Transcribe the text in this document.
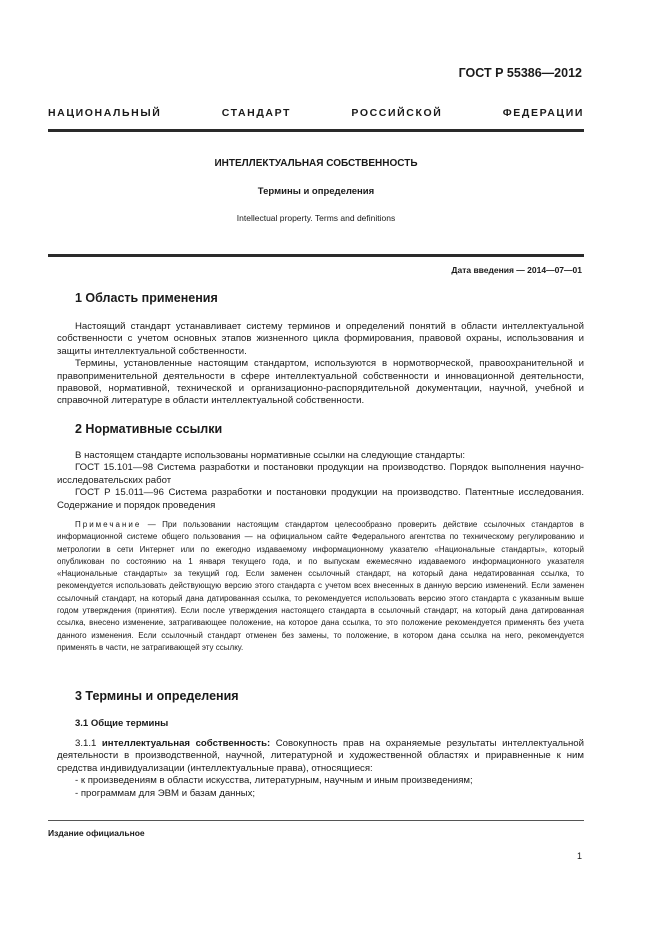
ГОСТ Р 55386—2012
НАЦИОНАЛЬНЫЙ СТАНДАРТ РОССИЙСКОЙ ФЕДЕРАЦИИ
ИНТЕЛЛЕКТУАЛЬНАЯ СОБСТВЕННОСТЬ
Термины и определения
Intellectual property. Terms and definitions
Дата введения — 2014—07—01
1 Область применения

Настоящий стандарт устанавливает систему терминов и определений понятий в области интеллектуальной собственности с учетом основных этапов жизненного цикла формирования, правовой охраны, использования и защиты интеллектуальной собственности.

Термины, установленные настоящим стандартом, используются в нормотворческой, правоохранительной и правоприменительной деятельности в сфере интеллектуальной собственности и инновационной деятельности, правовой, нормативной, технической и организационно-распорядительной документации, научной, учебной и справочной литературе в области интеллектуальной собственности.

2 Нормативные ссылки

В настоящем стандарте использованы нормативные ссылки на следующие стандарты:

ГОСТ 15.101—98 Система разработки и постановки продукции на производство. Порядок выполнения научно-исследовательских работ

ГОСТ Р 15.011—96 Система разработки и постановки продукции на производство. Патентные исследования. Содержание и порядок проведения

Примечание — При пользовании настоящим стандартом целесообразно проверить действие ссылочных стандартов в информационной системе общего пользования — на официальном сайте Федерального агентства по техническому регулированию и метрологии в сети Интернет или по ежегодно издаваемому информационному указателю «Национальные стандарты», который опубликован по состоянию на 1 января текущего года, и по выпускам ежемесячно издаваемого информационного указателя «Национальные стандарты» за текущий год. Если заменен ссылочный стандарт, на который дана недатированная ссылка, то рекомендуется использовать действующую версию этого стандарта с учетом всех внесенных в данную версию изменений. Если заменен ссылочный стандарт, на который дана датированная ссылка, то рекомендуется использовать версию этого стандарта с указанным выше годом утверждения (принятия). Если после утверждения настоящего стандарта в ссылочный стандарт, на который дана датированная ссылка, внесено изменение, затрагивающее положение, на которое дана ссылка, то это положение рекомендуется применять без учета данного изменения. Если ссылочный стандарт отменен без замены, то положение, в котором дана ссылка на него, рекомендуется применять в части, не затрагивающей эту ссылку.

3 Термины и определения
3.1 Общие термины

3.1.1 интеллектуальная собственность: Совокупность прав на охраняемые результаты интеллектуальной деятельности в производственной, научной, литературной и художественной областях и приравненные к ним средства индивидуализации (интеллектуальные права), относящиеся:

- к произведениям в области искусства, литературным, научным и иным произведениям;

- программам для ЭВМ и базам данных;

Издание официальное
1
